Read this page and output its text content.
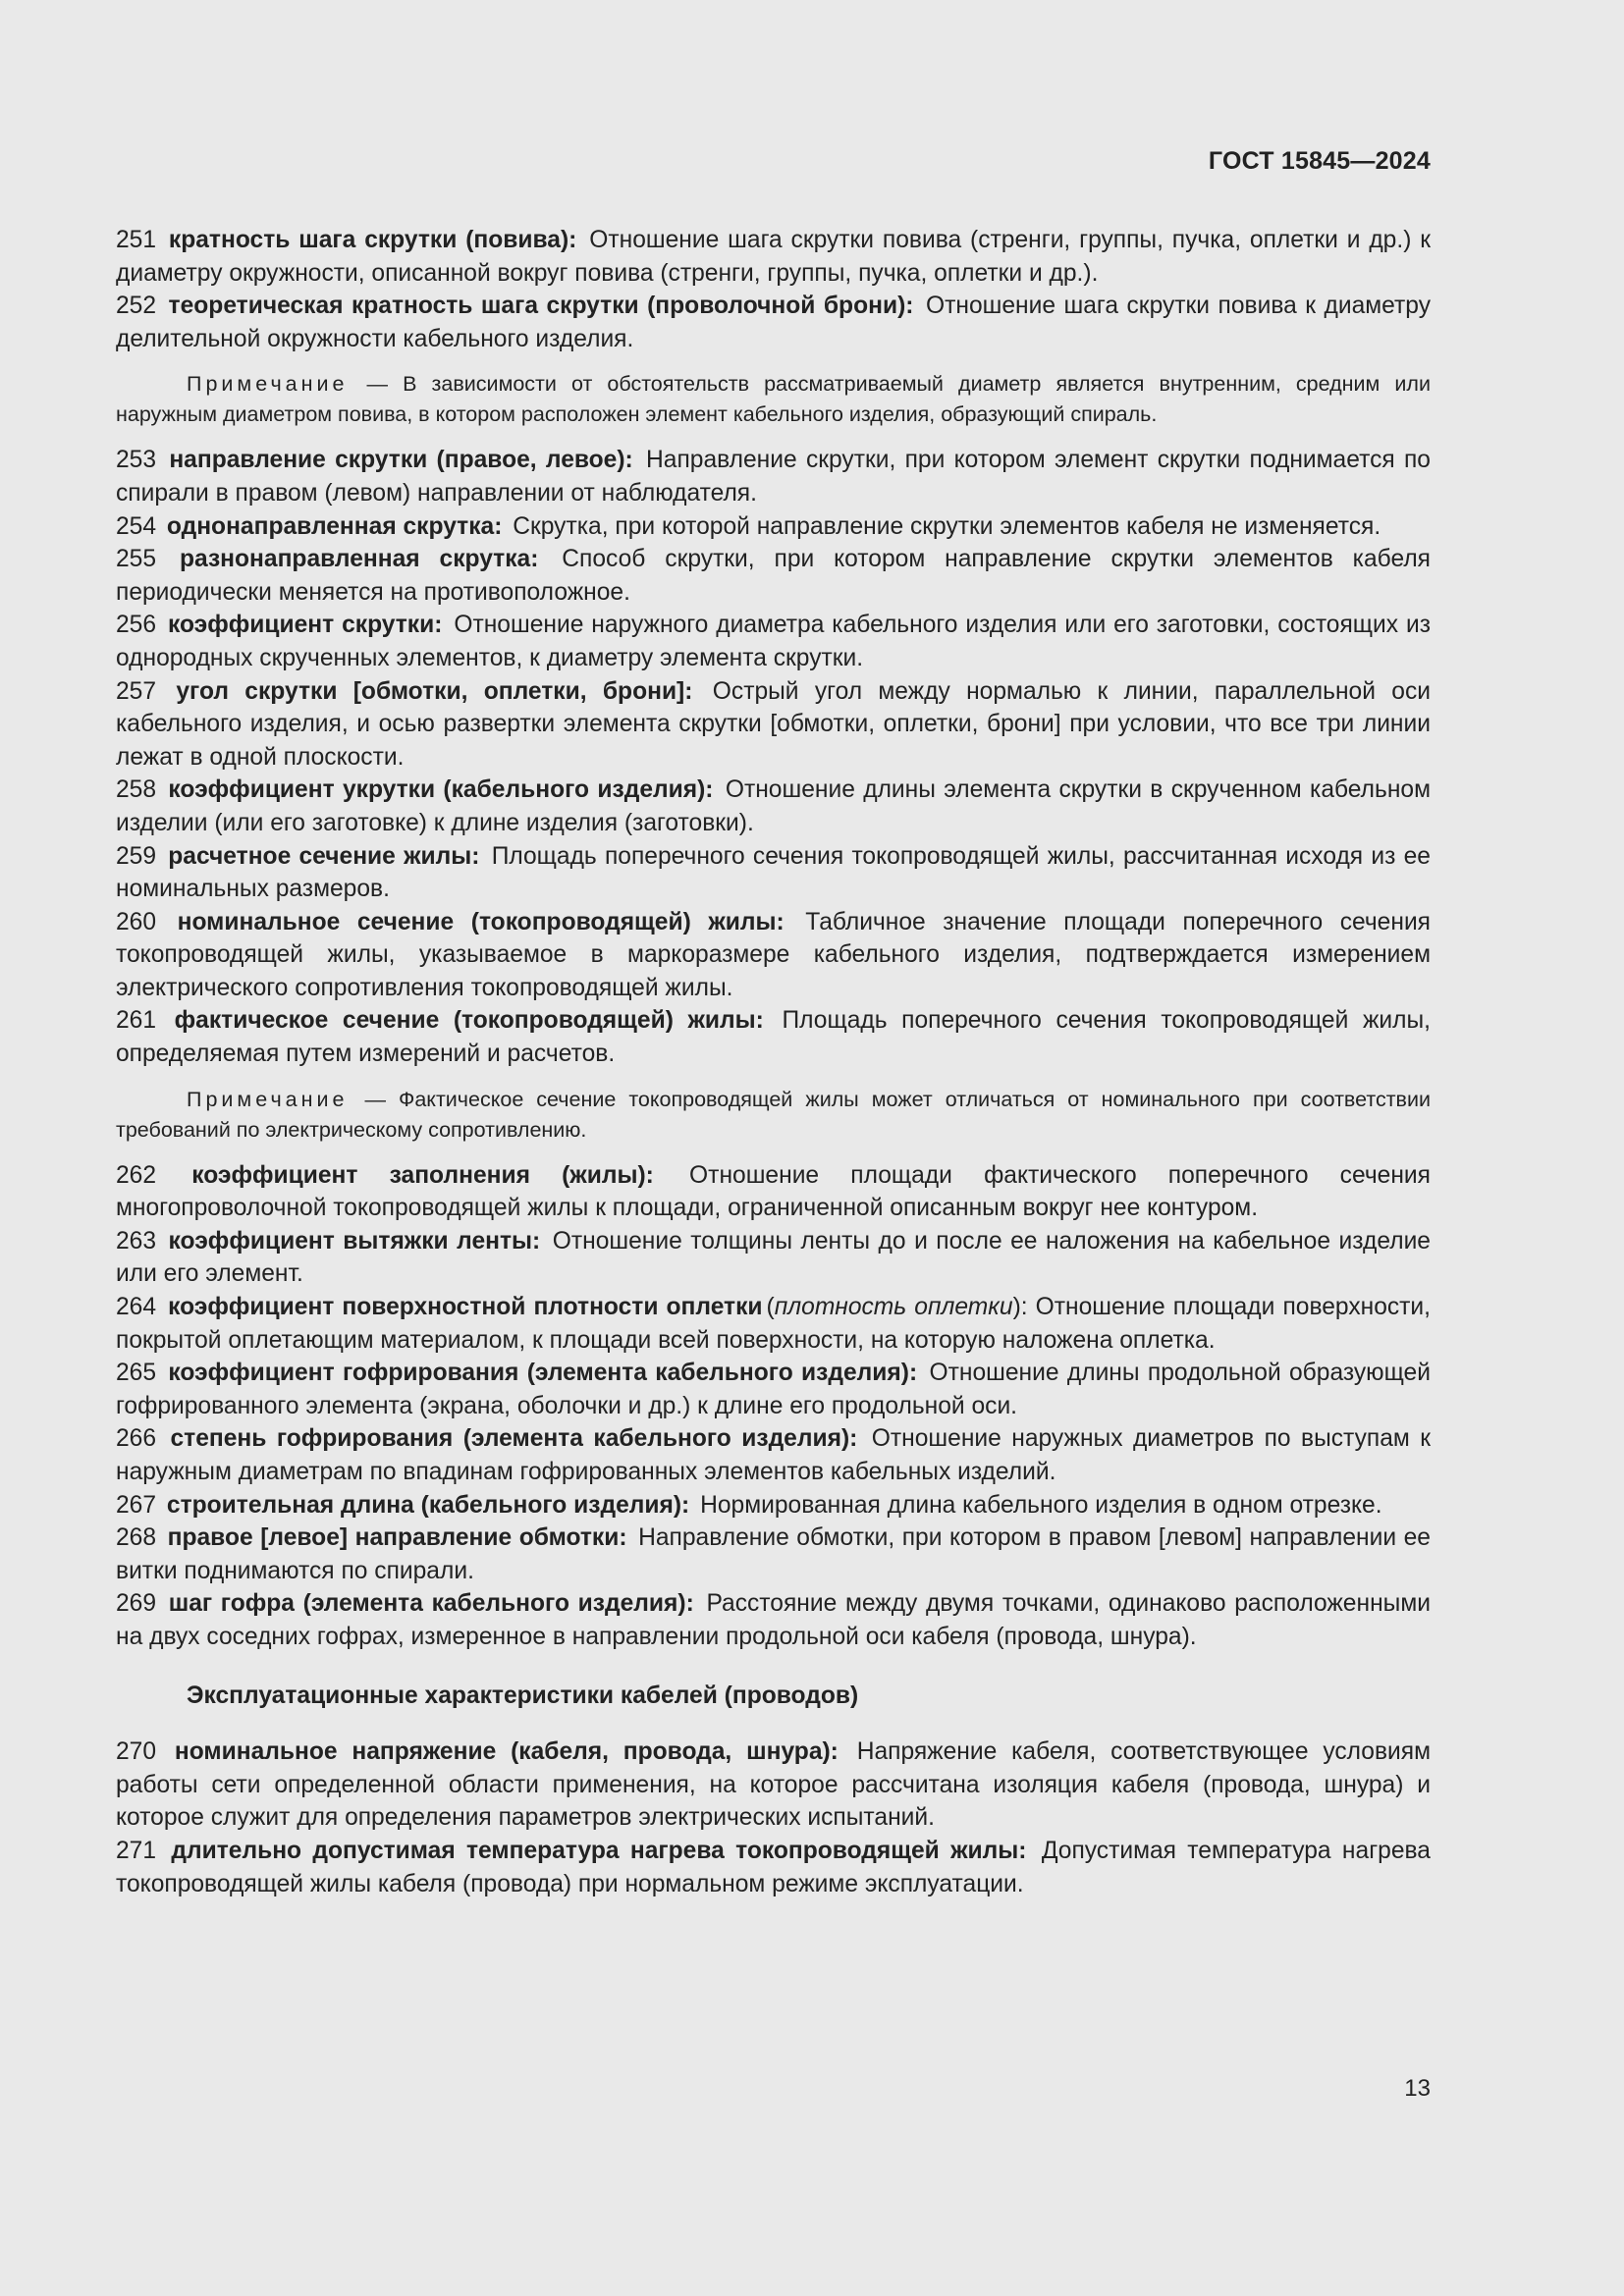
ГОСТ 15845—2024

251 кратность шага скрутки (повива): Отношение шага скрутки повива (стренги, группы, пучка, оплетки и др.) к диаметру окружности, описанной вокруг повива (стренги, группы, пучка, оплетки и др.).

252 теоретическая кратность шага скрутки (проволочной брони): Отношение шага скрутки повива к диаметру делительной окружности кабельного изделия.

Примечание — В зависимости от обстоятельств рассматриваемый диаметр является внутренним, средним или наружным диаметром повива, в котором расположен элемент кабельного изделия, образующий спираль.

253 направление скрутки (правое, левое): Направление скрутки, при котором элемент скрутки поднимается по спирали в правом (левом) направлении от наблюдателя.

254 однонаправленная скрутка: Скрутка, при которой направление скрутки элементов кабеля не изменяется.

255 разнонаправленная скрутка: Способ скрутки, при котором направление скрутки элементов кабеля периодически меняется на противоположное.

256 коэффициент скрутки: Отношение наружного диаметра кабельного изделия или его заготовки, состоящих из однородных скрученных элементов, к диаметру элемента скрутки.

257 угол скрутки [обмотки, оплетки, брони]: Острый угол между нормалью к линии, параллельной оси кабельного изделия, и осью развертки элемента скрутки [обмотки, оплетки, брони] при условии, что все три линии лежат в одной плоскости.

258 коэффициент укрутки (кабельного изделия): Отношение длины элемента скрутки в скрученном кабельном изделии (или его заготовке) к длине изделия (заготовки).

259 расчетное сечение жилы: Площадь поперечного сечения токопроводящей жилы, рассчитанная исходя из ее номинальных размеров.

260 номинальное сечение (токопроводящей) жилы: Табличное значение площади поперечного сечения токопроводящей жилы, указываемое в маркоразмере кабельного изделия, подтверждается измерением электрического сопротивления токопроводящей жилы.

261 фактическое сечение (токопроводящей) жилы: Площадь поперечного сечения токопроводящей жилы, определяемая путем измерений и расчетов.

Примечание — Фактическое сечение токопроводящей жилы может отличаться от номинального при соответствии требований по электрическому сопротивлению.

262 коэффициент заполнения (жилы): Отношение площади фактического поперечного сечения многопроволочной токопроводящей жилы к площади, ограниченной описанным вокруг нее контуром.

263 коэффициент вытяжки ленты: Отношение толщины ленты до и после ее наложения на кабельное изделие или его элемент.

264 коэффициент поверхностной плотности оплетки (плотность оплетки): Отношение площади поверхности, покрытой оплетающим материалом, к площади всей поверхности, на которую наложена оплетка.

265 коэффициент гофрирования (элемента кабельного изделия): Отношение длины продольной образующей гофрированного элемента (экрана, оболочки и др.) к длине его продольной оси.

266 степень гофрирования (элемента кабельного изделия): Отношение наружных диаметров по выступам к наружным диаметрам по впадинам гофрированных элементов кабельных изделий.

267 строительная длина (кабельного изделия): Нормированная длина кабельного изделия в одном отрезке.

268 правое [левое] направление обмотки: Направление обмотки, при котором в правом [левом] направлении ее витки поднимаются по спирали.

269 шаг гофра (элемента кабельного изделия): Расстояние между двумя точками, одинаково расположенными на двух соседних гофрах, измеренное в направлении продольной оси кабеля (провода, шнура).

Эксплуатационные характеристики кабелей (проводов)

270 номинальное напряжение (кабеля, провода, шнура): Напряжение кабеля, соответствующее условиям работы сети определенной области применения, на которое рассчитана изоляция кабеля (провода, шнура) и которое служит для определения параметров электрических испытаний.

271 длительно допустимая температура нагрева токопроводящей жилы: Допустимая температура нагрева токопроводящей жилы кабеля (провода) при нормальном режиме эксплуатации.

13
